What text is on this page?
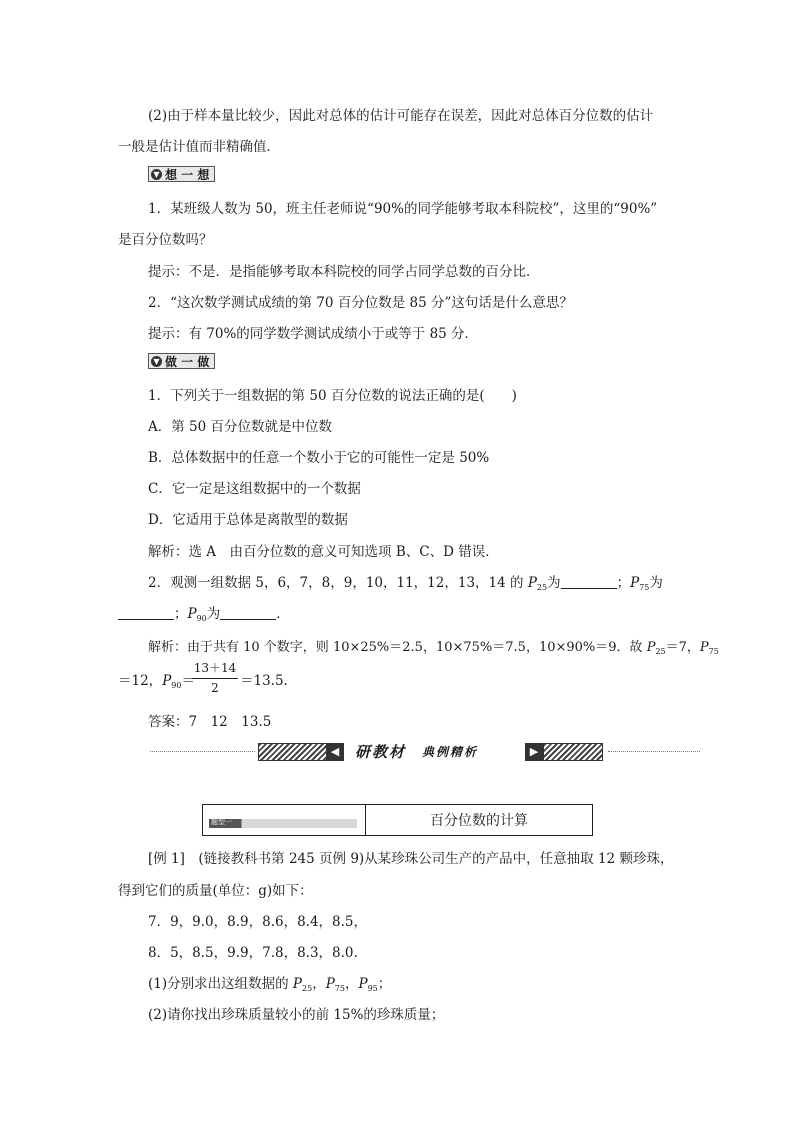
(2)由于样本量比较少，因此对总体的估计可能存在误差，因此对总体百分位数的估计
一般是估计值而非精确值．
▼ 想 一 想
1．某班级人数为 50，班主任老师说“90%的同学能够考取本科院校”，这里的“90%”
是百分位数吗？
提示：不是．是指能够考取本科院校的同学占同学总数的百分比．
2．“这次数学测试成绩的第 70 百分位数是 85 分”这句话是什么意思？
提示：有 70%的同学数学测试成绩小于或等于 85 分．
▼ 做 一 做
1．下列关于一组数据的第 50 百分位数的说法正确的是(　　)
A．第 50 百分位数就是中位数
B．总体数据中的任意一个数小于它的可能性一定是 50%
C．它一定是这组数据中的一个数据
D．它适用于总体是离散型的数据
解析：选 A　由百分位数的意义可知选项 B、C、D 错误．
2．观测一组数据 5，6，7，8，9，10，11，12，13，14 的 $P_{25}$为	；$P_{75}$为
；$P_{90}$为	．
解析：由于共有 10 个数字，则 10×25%＝2.5，10×75%＝7.5，10×90%＝9．故 $P_{25}=7$，$P_{75}$
＝12，$P_{90}=$
13＋14
2	＝13.5.
答案：7　12　13.5
◀	研教材 典例精析	▶
题型一	百分位数的计算
[例 1]　(链接教科书第 245 页例 9)从某珍珠公司生产的产品中，任意抽取 12 颗珍珠，
得到它们的质量(单位：g)如下：
7．9，9.0，8.9，8.6，8.4，8.5，
8．5，8.5，9.9，7.8，8.3，8.0.
(1)分别求出这组数据的 $P_{25}$，$P_{75}$，$P_{95}$；
(2)请你找出珍珠质量较小的前 15%的珍珠质量；
